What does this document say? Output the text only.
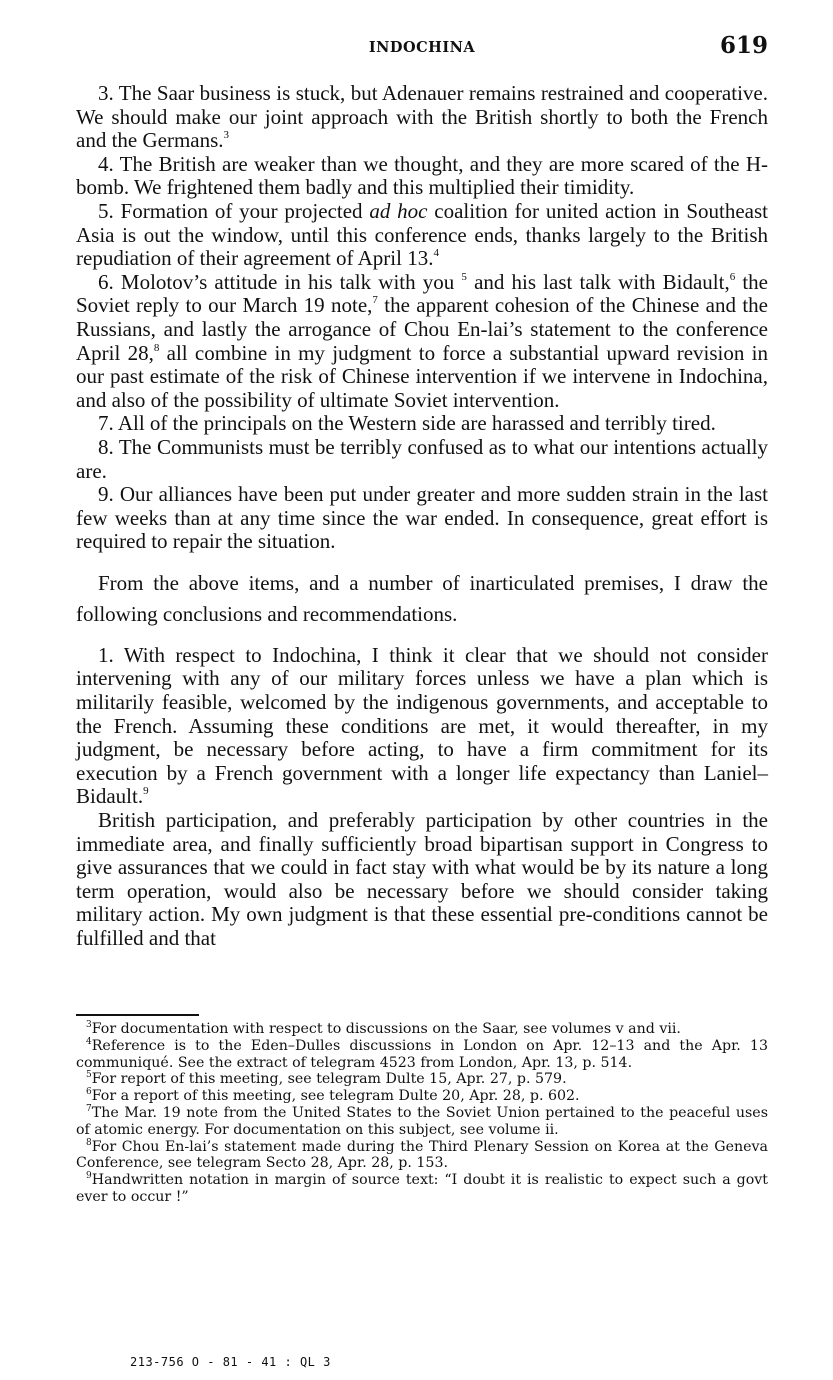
INDOCHINA	619

3. The Saar business is stuck, but Adenauer remains restrained and cooperative. We should make our joint approach with the British shortly to both the French and the Germans.$^3$

4. The British are weaker than we thought, and they are more scared of the H-bomb. We frightened them badly and this multiplied their timidity.

5. Formation of your projected ad hoc coalition for united action in Southeast Asia is out the window, until this conference ends, thanks largely to the British repudiation of their agreement of April 13.$^4$

6. Molotov’s attitude in his talk with you $^5$ and his last talk with Bidault,$^6$ the Soviet reply to our March 19 note,$^7$ the apparent cohesion of the Chinese and the Russians, and lastly the arrogance of Chou En-lai’s statement to the conference April 28,$^8$ all combine in my judgment to force a substantial upward revision in our past estimate of the risk of Chinese intervention if we intervene in Indochina, and also of the possibility of ultimate Soviet intervention.

7. All of the principals on the Western side are harassed and terribly tired.

8. The Communists must be terribly confused as to what our intentions actually are.

9. Our alliances have been put under greater and more sudden strain in the last few weeks than at any time since the war ended. In consequence, great effort is required to repair the situation.

From the above items, and a number of inarticulated premises, I draw the following conclusions and recommendations.

1. With respect to Indochina, I think it clear that we should not consider intervening with any of our military forces unless we have a plan which is militarily feasible, welcomed by the indigenous governments, and acceptable to the French. Assuming these conditions are met, it would thereafter, in my judgment, be necessary before acting, to have a firm commitment for its execution by a French government with a longer life expectancy than Laniel–Bidault.$^9$

British participation, and preferably participation by other countries in the immediate area, and finally sufficiently broad bipartisan support in Congress to give assurances that we could in fact stay with what would be by its nature a long term operation, would also be necessary before we should consider taking military action. My own judgment is that these essential pre-conditions cannot be fulfilled and that

$^3$For documentation with respect to discussions on the Saar, see volumes v and vii.

$^4$Reference is to the Eden–Dulles discussions in London on Apr. 12–13 and the Apr. 13 communiqué. See the extract of telegram 4523 from London, Apr. 13, p. 514.

$^5$For report of this meeting, see telegram Dulte 15, Apr. 27, p. 579.

$^6$For a report of this meeting, see telegram Dulte 20, Apr. 28, p. 602.

$^7$The Mar. 19 note from the United States to the Soviet Union pertained to the peaceful uses of atomic energy. For documentation on this subject, see volume ii.

$^8$For Chou En-lai’s statement made during the Third Plenary Session on Korea at the Geneva Conference, see telegram Secto 28, Apr. 28, p. 153.

$^9$Handwritten notation in margin of source text: “I doubt it is realistic to expect such a govt ever to occur !”

213-756 O - 81 - 41 : QL 3
